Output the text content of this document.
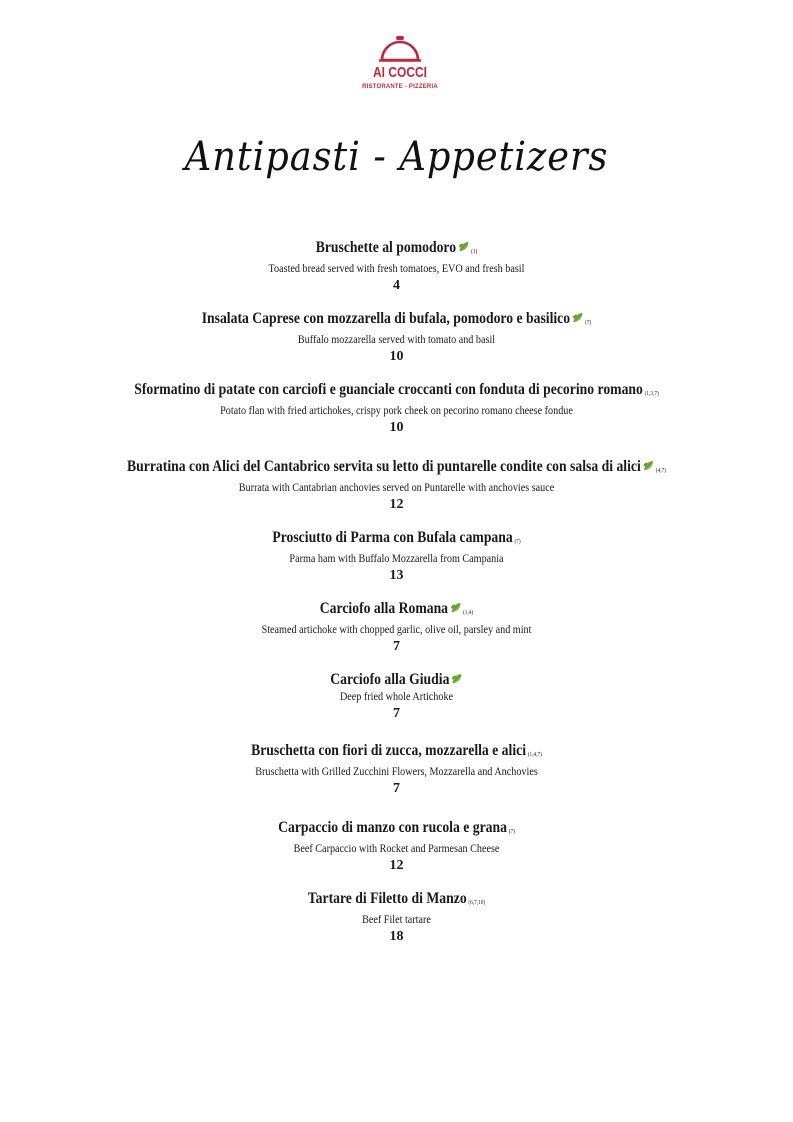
AI COCCI
RISTORANTE - PIZZERIA
Antipasti - Appetizers
Bruschette al pomodoro	(1)
Toasted bread served with fresh tomatoes, EVO and fresh basil
4
Insalata Caprese con mozzarella di bufala, pomodoro e basilico	(7)
Buffalo mozzarella served with tomato and basil
10
Sformatino di patate con carciofi e guanciale croccanti con fonduta di pecorino romano (1,3,7)
Potato flan with fried artichokes, crispy pork cheek on pecorino romano cheese fondue
10
Burratina con Alici del Cantabrico servita su letto di puntarelle condite con salsa di alici	(4,7)
Burrata with Cantabrian anchovies served on Puntarelle with anchovies sauce
12
Prosciutto di Parma con Bufala campana (7)
Parma ham with Buffalo Mozzarella from Campania
13
Carciofo alla Romana	(1,4)
Steamed artichoke with chopped garlic, olive oil, parsley and mint
7
Carciofo alla Giudia
Deep fried whole Artichoke
7
Bruschetta con fiori di zucca, mozzarella e alici (1,4,7)
Bruschetta with Grilled Zucchini Flowers, Mozzarella and Anchovies
7
Carpaccio di manzo con rucola e grana (7)
Beef Carpaccio with Rocket and Parmesan Cheese
12
Tartare di Filetto di Manzo (6,7,10)
Beef Filet tartare
18
